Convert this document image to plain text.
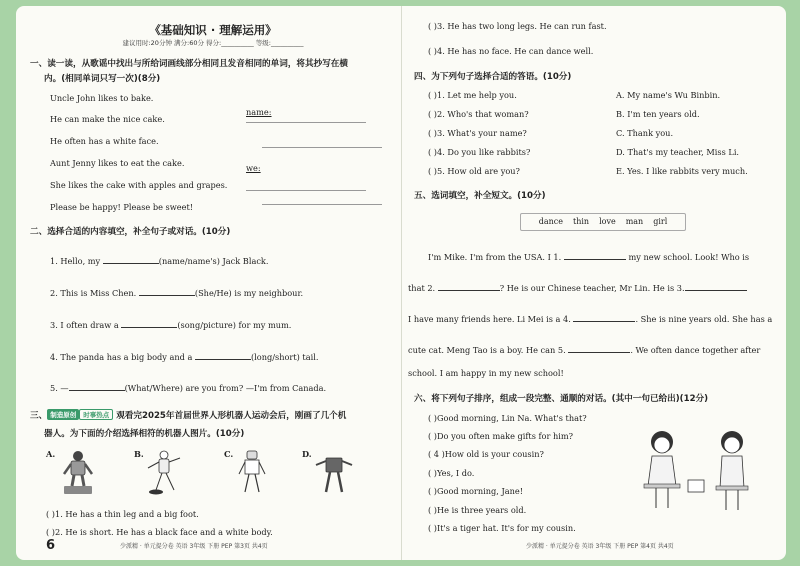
《基础知识 · 理解运用》
建议用时:20分钟 满分:60分 得分:__________ 等级:__________
一、读一读，从歌谣中找出与所给词画线部分相同且发音相同的单词，将其抄写在横
内。(相同单词只写一次)(8分)
Uncle John likes to bake.
He can make the nice cake.
He often has a white face.
Aunt Jenny likes to eat the cake.
She likes the cake with apples and grapes.
Please be happy! Please be sweet!
name:
we:
二、选择合适的内容填空，补全句子或对话。(10分)
1. Hello, my	(name/name's) Jack Black.
2. This is Miss Chen.	(She/He) is my neighbour.
3. I often draw a	(song/picture) for my mum.
4. The panda has a big body and a	(long/short) tail.
5. —	(What/Where) are you from? —I'm from Canada.
三、 制造原创 时事热点 观看完2025年首届世界人形机器人运动会后，刚画了几个机
器人。为下面的介绍选择相符的机器人图片。(10分)
A.	B.	C.	D.
( )1. He has a thin leg and a big foot.
( )2. He is short. He has a black face and a white body.
6	少派精 · 单元提分卷 英语 3年级 下册 PEP 第3页 共4页
( )3. He has two long legs. He can run fast.
( )4. He has no face. He can dance well.
四、为下列句子选择合适的答语。(10分)
( )1. Let me help you.
( )2. Who's that woman?
( )3. What's your name?
( )4. Do you like rabbits?
( )5. How old are you?
A. My name's Wu Binbin.
B. I'm ten years old.
C. Thank you.
D. That's my teacher, Miss Li.
E. Yes. I like rabbits very much.
五、选词填空，补全短文。(10分)
dance thin love man girl
I'm Mike. I'm from the USA. I 1.	my new school. Look! Who is
that 2.	? He is our Chinese teacher, Mr Lin. He is 3.
I have many friends here. Li Mei is a 4.	. She is nine years old. She has a
cute cat. Meng Tao is a boy. He can 5.	. We often dance together after
school. I am happy in my new school!
六、将下列句子排序，组成一段完整、通顺的对话。(其中一句已给出)(12分)
( )Good morning, Lin Na. What's that?
( )Do you often make gifts for him?
( 4 )How old is your cousin?
( )Yes, I do.
( )Good morning, Jane!
( )He is three years old.
( )It's a tiger hat. It's for my cousin.
少派精 · 单元提分卷 英语 3年级 下册 PEP 第4页 共4页
